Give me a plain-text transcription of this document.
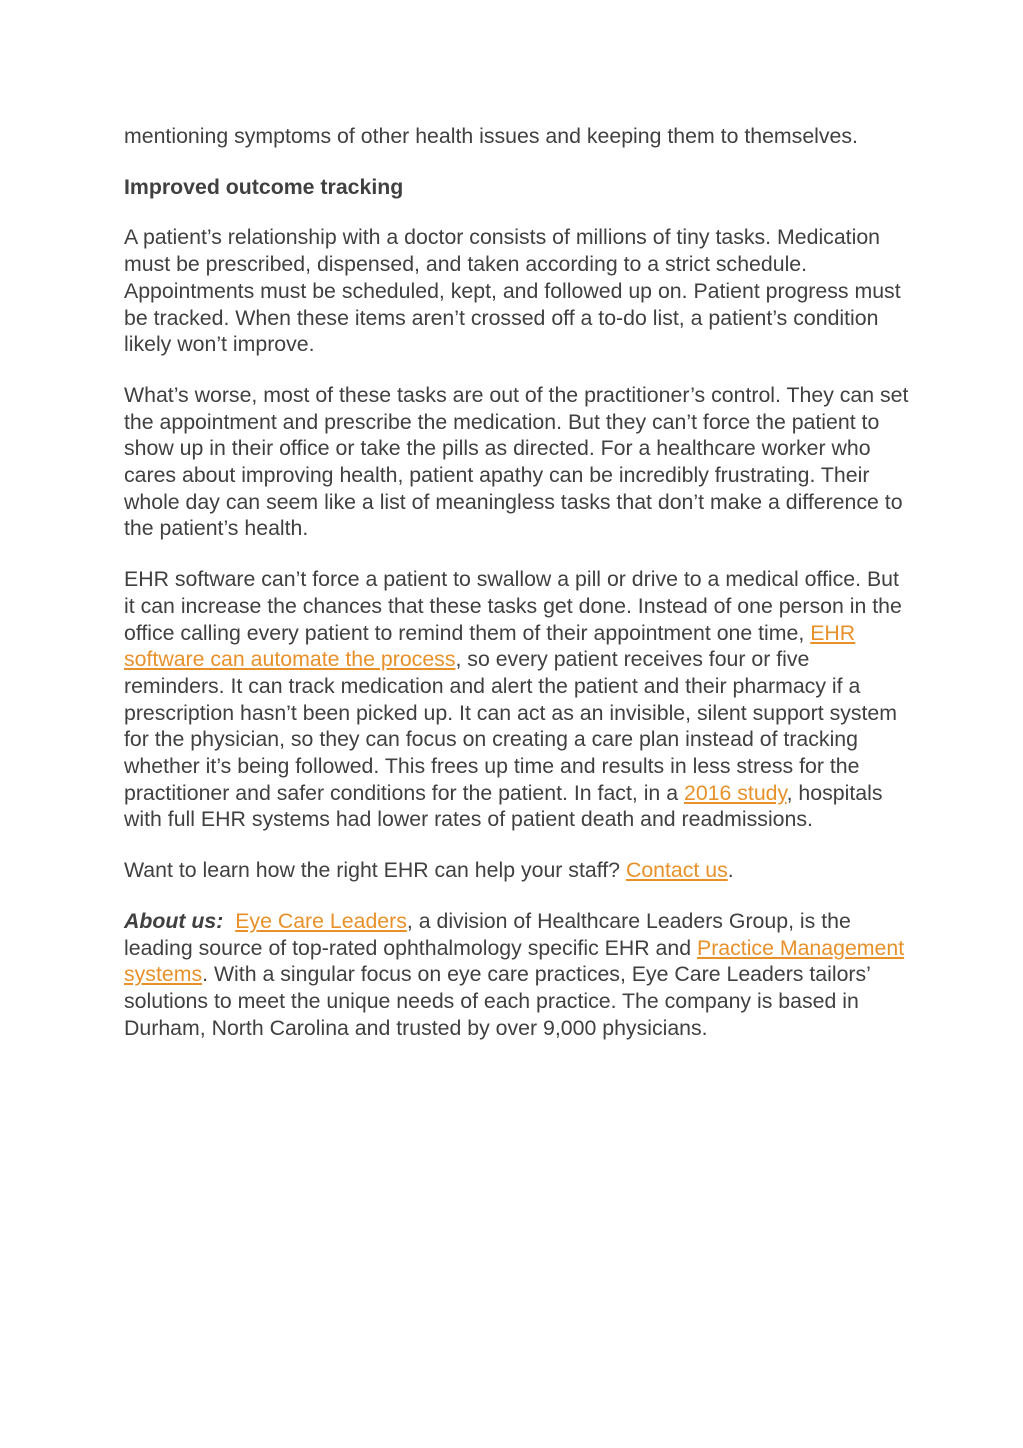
mentioning symptoms of other health issues and keeping them to themselves.

Improved outcome tracking

A patient’s relationship with a doctor consists of millions of tiny tasks. Medication must be prescribed, dispensed, and taken according to a strict schedule. Appointments must be scheduled, kept, and followed up on. Patient progress must be tracked. When these items aren’t crossed off a to-do list, a patient’s condition likely won’t improve.

What’s worse, most of these tasks are out of the practitioner’s control. They can set the appointment and prescribe the medication. But they can’t force the patient to show up in their office or take the pills as directed. For a healthcare worker who cares about improving health, patient apathy can be incredibly frustrating. Their whole day can seem like a list of meaningless tasks that don’t make a difference to the patient’s health.

EHR software can’t force a patient to swallow a pill or drive to a medical office. But it can increase the chances that these tasks get done. Instead of one person in the office calling every patient to remind them of their appointment one time, EHR software can automate the process, so every patient receives four or five reminders. It can track medication and alert the patient and their pharmacy if a prescription hasn’t been picked up. It can act as an invisible, silent support system for the physician, so they can focus on creating a care plan instead of tracking whether it’s being followed. This frees up time and results in less stress for the practitioner and safer conditions for the patient. In fact, in a 2016 study, hospitals with full EHR systems had lower rates of patient death and readmissions.

Want to learn how the right EHR can help your staff? Contact us.

About us: Eye Care Leaders, a division of Healthcare Leaders Group, is the leading source of top-rated ophthalmology specific EHR and Practice Management systems. With a singular focus on eye care practices, Eye Care Leaders tailors’ solutions to meet the unique needs of each practice. The company is based in Durham, North Carolina and trusted by over 9,000 physicians.
